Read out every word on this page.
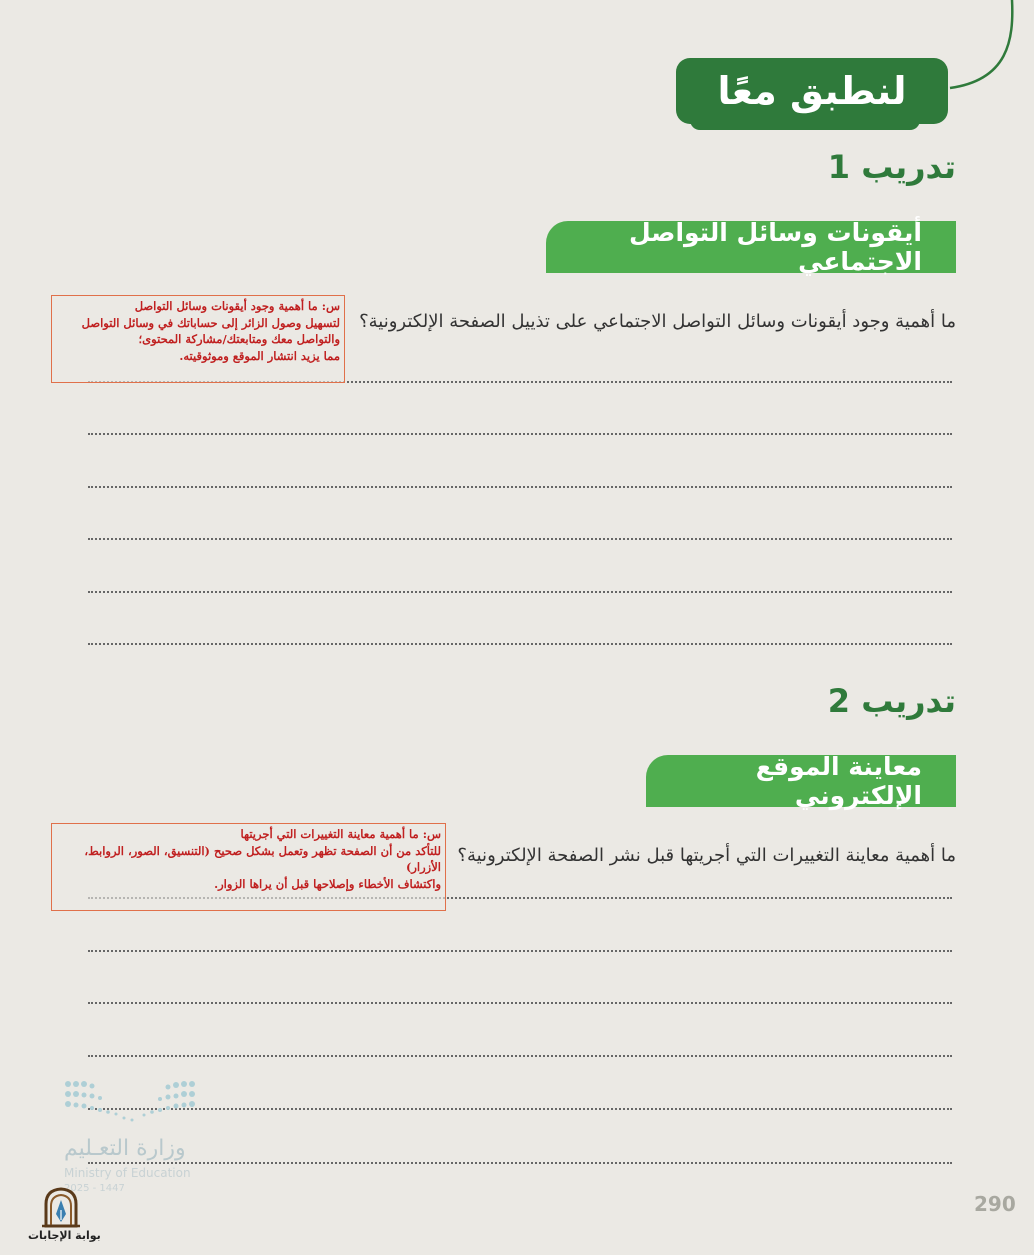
لنطبق معًا
تدريب 1
أيقونات وسائل التواصل الاجتماعي
ما أهمية وجود أيقونات وسائل التواصل الاجتماعي على تذييل الصفحة الإلكترونية؟
س: ما أهمية وجود أيقونات وسائل التواصل
لتسهيل وصول الزائر إلى حساباتك في وسائل التواصل
والتواصل معك ومتابعتك/مشاركة المحتوى؛
مما يزيد انتشار الموقع وموثوقيته.
تدريب 2
معاينة الموقع الإلكتروني
ما أهمية معاينة التغييرات التي أجريتها قبل نشر الصفحة الإلكترونية؟
س: ما أهمية معاينة التغييرات التي أجريتها
للتأكد من أن الصفحة تظهر وتعمل بشكل صحيح (التنسيق، الصور، الروابط،
الأزرار)
واكتشاف الأخطاء وإصلاحها قبل أن يراها الزوار.
وزارة التعـليم
Ministry of Education
2025 - 1447
290
بوابة الإجابات
